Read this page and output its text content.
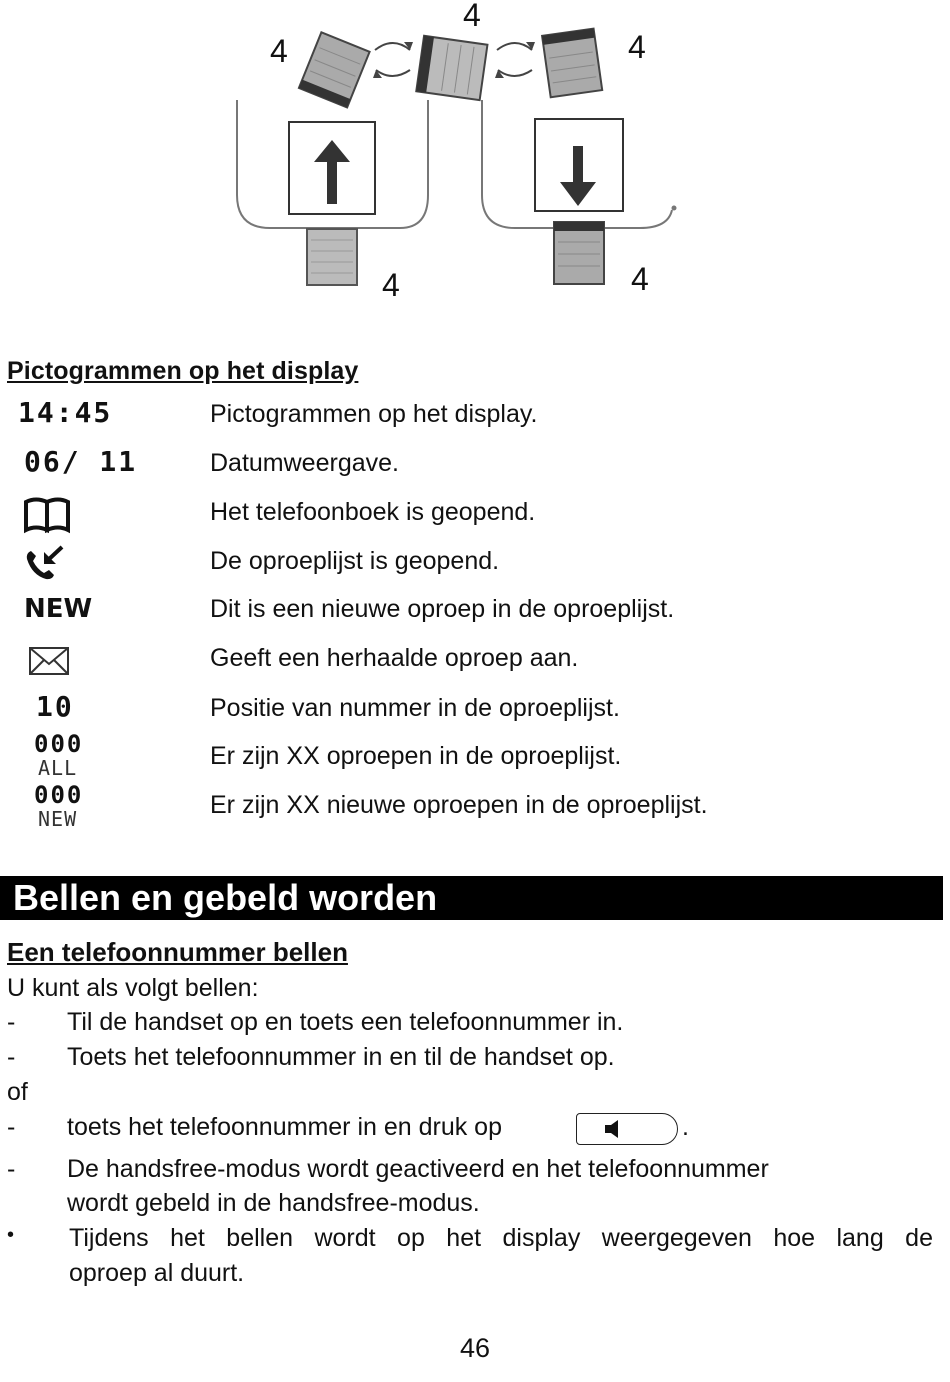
4
4
4
4	4
Pictogrammen op het display
14:45	Pictogrammen op het display.
06/ 11	Datumweergave.
Het telefoonboek is geopend.
De oproeplijst is geopend.
NEW	Dit is een nieuwe oproep in de oproeplijst.
Geeft een herhaalde oproep aan.
10	Positie van nummer in de oproeplijst.
000
ALL	Er zijn XX oproepen in de oproeplijst.
000
NEW	Er zijn XX nieuwe oproepen in de oproeplijst.
Bellen en gebeld worden
Een telefoonnummer bellen
U kunt als volgt bellen:
- Til de handset op en toets een telefoonnummer in.
- Toets het telefoonnummer in en til de handset op.
of
- toets het telefoonnummer in en druk op	.
- De handsfree-modus wordt geactiveerd en het telefoonnummer
wordt gebeld in de handsfree-modus.
• Tijdens het bellen wordt op het display weergegeven hoe lang de
oproep al duurt.
46
